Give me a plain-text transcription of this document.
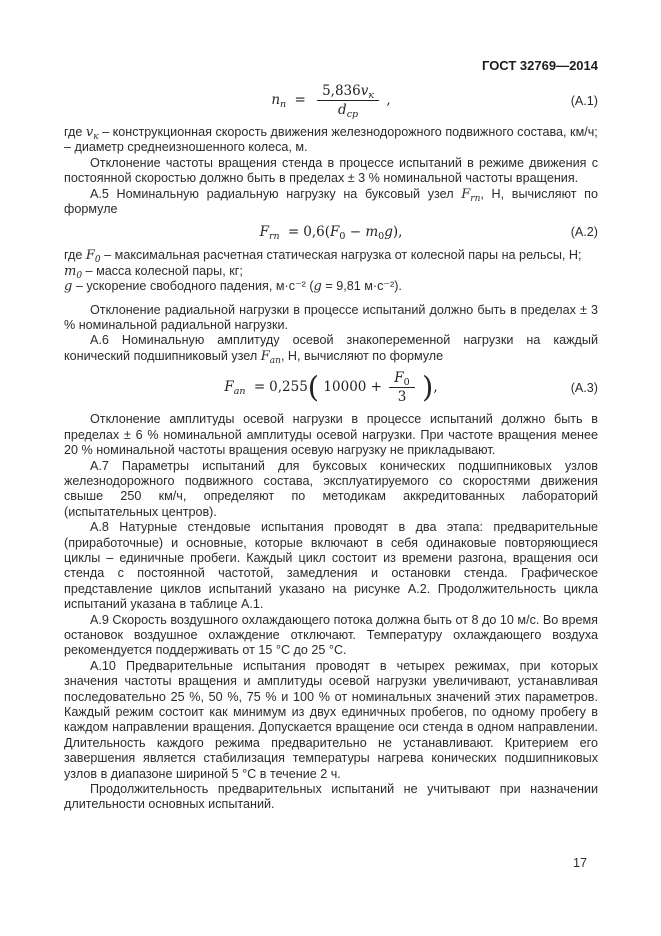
ГОСТ 32769—2014
$n_п = \frac{5,836v_к}{d_{ср}}$ ,	(А.1)

где $v_к$ – конструкционная скорость движения железнодорожного подвижного состава, км/ч;

– диаметр среднеизношенного колеса, м.

Отклонение частоты вращения стенда в процессе испытаний в режиме движения с постоянной скоростью должно быть в пределах ± 3 % номинальной частоты вращения.

А.5 Номинальную радиальную нагрузку на буксовый узел $F_{rn}$, Н, вычисляют по формуле

$F_{rn} = 0,6(F_0 - m_0g)$,	(А.2)

где $F_0$ – максимальная расчетная статическая нагрузка от колесной пары на рельсы, Н;

$m_0$ – масса колесной пары, кг;

g – ускорение свободного падения, м·с⁻² (g = 9,81 м·с⁻²).

Отклонение радиальной нагрузки в процессе испытаний должно быть в пределах ± 3 % номинальной радиальной нагрузки.

А.6 Номинальную амплитуду осевой знакопеременной нагрузки на каждый конический подшипниковый узел $F_{ап}$, Н, вычисляют по формуле

$F_{ап} = 0,255$( $10000 + \frac{F_0}{3}$ ),	(А.3)

Отклонение амплитуды осевой нагрузки в процессе испытаний должно быть в пределах ± 6 % номинальной амплитуды осевой нагрузки. При частоте вращения менее 20 % номинальной частоты вращения осевую нагрузку не прикладывают.

А.7 Параметры испытаний для буксовых конических подшипниковых узлов железнодорожного подвижного состава, эксплуатируемого со скоростями движения свыше 250 км/ч, определяют по методикам аккредитованных лабораторий (испытательных центров).

А.8 Натурные стендовые испытания проводят в два этапа: предварительные (приработочные) и основные, которые включают в себя одинаковые повторяющиеся циклы – единичные пробеги. Каждый цикл состоит из времени разгона, вращения оси стенда с постоянной частотой, замедления и остановки стенда. Графическое представление циклов испытаний указано на рисунке А.2. Продолжительность цикла испытаний указана в таблице А.1.

А.9 Скорость воздушного охлаждающего потока должна быть от 8 до 10 м/с. Во время остановок воздушное охлаждение отключают. Температуру охлаждающего воздуха рекомендуется поддерживать от 15 °С до 25 °С.

А.10 Предварительные испытания проводят в четырех режимах, при которых значения частоты вращения и амплитуды осевой нагрузки увеличивают, устанавливая последовательно 25 %, 50 %, 75 % и 100 % от номинальных значений этих параметров. Каждый режим состоит как минимум из двух единичных пробегов, по одному пробегу в каждом направлении вращения. Допускается вращение оси стенда в одном направлении. Длительность каждого режима предварительно не устанавливают. Критерием его завершения является стабилизация температуры нагрева конических подшипниковых узлов в диапазоне шириной 5 °С в течение 2 ч.

Продолжительность предварительных испытаний не учитывают при назначении длительности основных испытаний.

17
